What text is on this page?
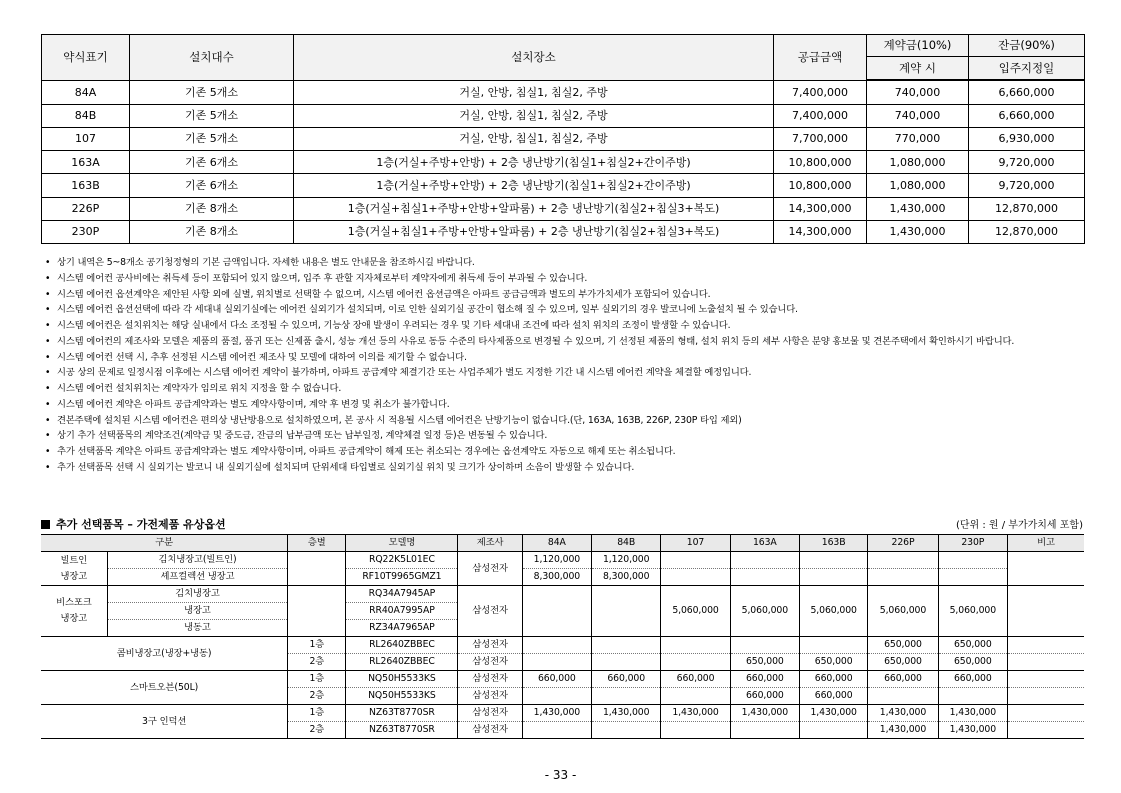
약식표기	설치대수	설치장소	공급금액	계약금(10%)	잔금(90%)
				계약 시	입주지정일
84A	기존 5개소	거실, 안방, 침실1, 침실2, 주방	7,400,000	740,000	6,660,000
84B	기존 5개소	거실, 안방, 침실1, 침실2, 주방	7,400,000	740,000	6,660,000
107	기존 5개소	거실, 안방, 침실1, 침실2, 주방	7,700,000	770,000	6,930,000
163A	기존 6개소	1층(거실+주방+안방) + 2층 냉난방기(침실1+침실2+간이주방)	10,800,000	1,080,000	9,720,000
163B	기존 6개소	1층(거실+주방+안방) + 2층 냉난방기(침실1+침실2+간이주방)	10,800,000	1,080,000	9,720,000
226P	기존 8개소	1층(거실+침실1+주방+안방+알파룸) + 2층 냉난방기(침실2+침실3+복도)	14,300,000	1,430,000	12,870,000
230P	기존 8개소	1층(거실+침실1+주방+안방+알파룸) + 2층 냉난방기(침실2+침실3+복도)	14,300,000	1,430,000	12,870,000
• 상기 내역은 5~8개소 공기청정형의 기본 금액입니다. 자세한 내용은 별도 안내문을 참조하시길 바랍니다.
• 시스템 에어컨 공사비에는 취득세 등이 포함되어 있지 않으며, 입주 후 관할 지자체로부터 계약자에게 취득세 등이 부과될 수 있습니다.
• 시스템 에어컨 옵션계약은 제안된 사항 외에 실별, 위치별로 선택할 수 없으며, 시스템 에어컨 옵션금액은 아파트 공급금액과 별도의 부가가치세가 포함되어 있습니다.
• 시스템 에어컨 옵션선택에 따라 각 세대내 실외기실에는 에어컨 실외기가 설치되며, 이로 인한 실외기실 공간이 협소해 질 수 있으며, 일부 실외기의 경우 발코니에 노출설치 될 수 있습니다.
• 시스템 에어컨은 설치위치는 해당 실내에서 다소 조정될 수 있으며, 기능상 장애 발생이 우려되는 경우 및 기타 세대내 조건에 따라 설치 위치의 조정이 발생할 수 있습니다.
• 시스템 에어컨의 제조사와 모델은 제품의 품절, 품귀 또는 신제품 출시, 성능 개선 등의 사유로 동등 수준의 타사제품으로 변경될 수 있으며, 기 선정된 제품의 형태, 설치 위치 등의 세부 사항은 분양 홍보물 및 견본주택에서 확인하시기 바랍니다.
• 시스템 에어컨 선택 시, 추후 선정된 시스템 에어컨 제조사 및 모델에 대하여 이의를 제기할 수 없습니다.
• 시공 상의 문제로 일정시점 이후에는 시스템 에어컨 계약이 불가하며, 아파트 공급계약 체결기간 또는 사업주체가 별도 지정한 기간 내 시스템 에어컨 계약을 체결할 예정입니다.
• 시스템 에어컨 설치위치는 계약자가 임의로 위치 지정을 할 수 없습니다.
• 시스템 에어컨 계약은 아파트 공급계약과는 별도 계약사항이며, 계약 후 변경 및 취소가 불가합니다.
• 견본주택에 설치된 시스템 에어컨은 편의상 냉난방용으로 설치하였으며, 본 공사 시 적용될 시스템 에어컨은 난방기능이 없습니다.(단, 163A, 163B, 226P, 230P 타입 제외)
• 상기 추가 선택품목의 계약조건(계약금 및 중도금, 잔금의 납부금액 또는 납부일정, 계약체결 일정 등)은 변동될 수 있습니다.
• 추가 선택품목 계약은 아파트 공급계약과는 별도 계약사항이며, 아파트 공급계약이 해제 또는 취소되는 경우에는 옵션계약도 자동으로 해제 또는 취소됩니다.
• 추가 선택품목 선택 시 실외기는 발코니 내 실외기실에 설치되며 단위세대 타입별로 실외기실 위치 및 크기가 상이하며 소음이 발생할 수 있습니다.
추가 선택품목 – 가전제품 유상옵션	(단위 : 원 / 부가가치세 포함)
구분		층별	모델명	제조사	84A	84B	107	163A	163B	226P	230P	비고
빌트인
냉장고	김치냉장고(빌트인)		RQ22K5L01EC	삼성전자	1,120,000	1,120,000						
	셰프컬렉션 냉장고		RF10T9965GMZ1		8,300,000	8,300,000						
비스포크
냉장고	김치냉장고		RQ34A7945AP	삼성전자			5,060,000	5,060,000	5,060,000	5,060,000	5,060,000	
	냉장고		RR40A7995AP									
	냉동고		RZ34A7965AP									
콤비냉장고(냉장+냉동)		1층	RL2640ZBBEC	삼성전자						650,000	650,000	
		2층	RL2640ZBBEC	삼성전자				650,000	650,000	650,000	650,000	
스마트오븐(50L)		1층	NQ50H5533KS	삼성전자	660,000	660,000	660,000	660,000	660,000	660,000	660,000	
		2층	NQ50H5533KS	삼성전자				660,000	660,000			
3구 인덕션		1층	NZ63T8770SR	삼성전자	1,430,000	1,430,000	1,430,000	1,430,000	1,430,000	1,430,000	1,430,000	
		2층	NZ63T8770SR	삼성전자						1,430,000	1,430,000	
- 33 -
